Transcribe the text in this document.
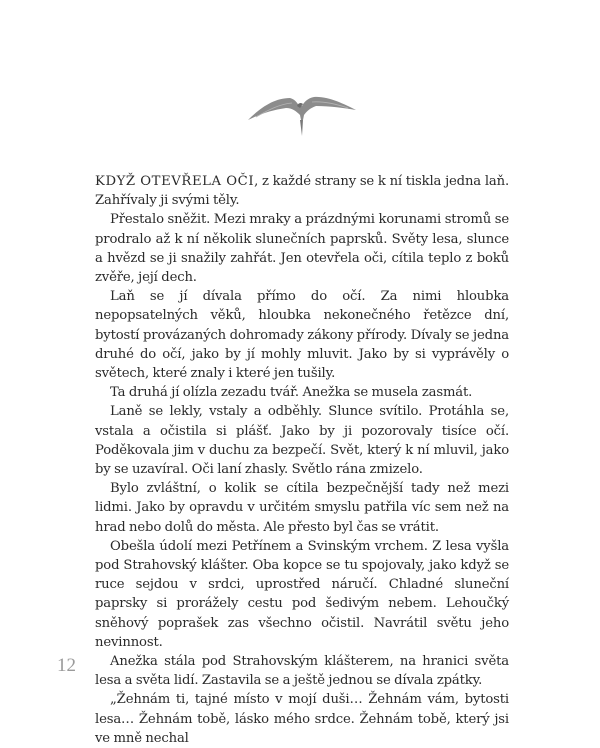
KDYŽ OTEVŘELA OČI, z každé strany se k ní tiskla jedna laň. Zahřívaly ji svými těly.

Přestalo sněžit. Mezi mraky a prázdnými korunami stromů se prodralo až k ní několik slunečních paprsků. Světy lesa, slunce a hvězd se ji snažily zahřát. Jen otevřela oči, cítila teplo z boků zvěře, její dech.

Laň se jí dívala přímo do očí. Za nimi hloubka nepopsatelných věků, hloubka nekonečného řetězce dní, bytostí provázaných dohromady zákony přírody. Dívaly se jedna druhé do očí, jako by jí mohly mluvit. Jako by si vyprávěly o světech, které znaly i které jen tušily.

Ta druhá jí olízla zezadu tvář. Anežka se musela zasmát.

Laně se lekly, vstaly a odběhly. Slunce svítilo. Protáhla se, vstala a očistila si plášť. Jako by ji pozorovaly tisíce očí. Poděkovala jim v duchu za bezpečí. Svět, který k ní mluvil, jako by se uzavíral. Oči laní zhasly. Světlo rána zmizelo.

Bylo zvláštní, o kolik se cítila bezpečnější tady než mezi lidmi. Jako by opravdu v určitém smyslu patřila víc sem než na hrad nebo dolů do města. Ale přesto byl čas se vrátit.

Obešla údolí mezi Petřínem a Svinským vrchem. Z lesa vyšla pod Strahovský klášter. Oba kopce se tu spojovaly, jako když se ruce sejdou v srdci, uprostřed náručí. Chladné sluneční paprsky si prorážely cestu pod šedivým nebem. Lehoučký sněhový poprašek zas všechno očistil. Navrátil světu jeho nevinnost.

Anežka stála pod Strahovským klášterem, na hranici světa lesa a světa lidí. Zastavila se a ještě jednou se dívala zpátky.

„Žehnám ti, tajné místo v mojí duši… Žehnám vám, bytosti lesa… Žehnám tobě, lásko mého srdce. Žehnám tobě, který jsi ve mně nechal

12
